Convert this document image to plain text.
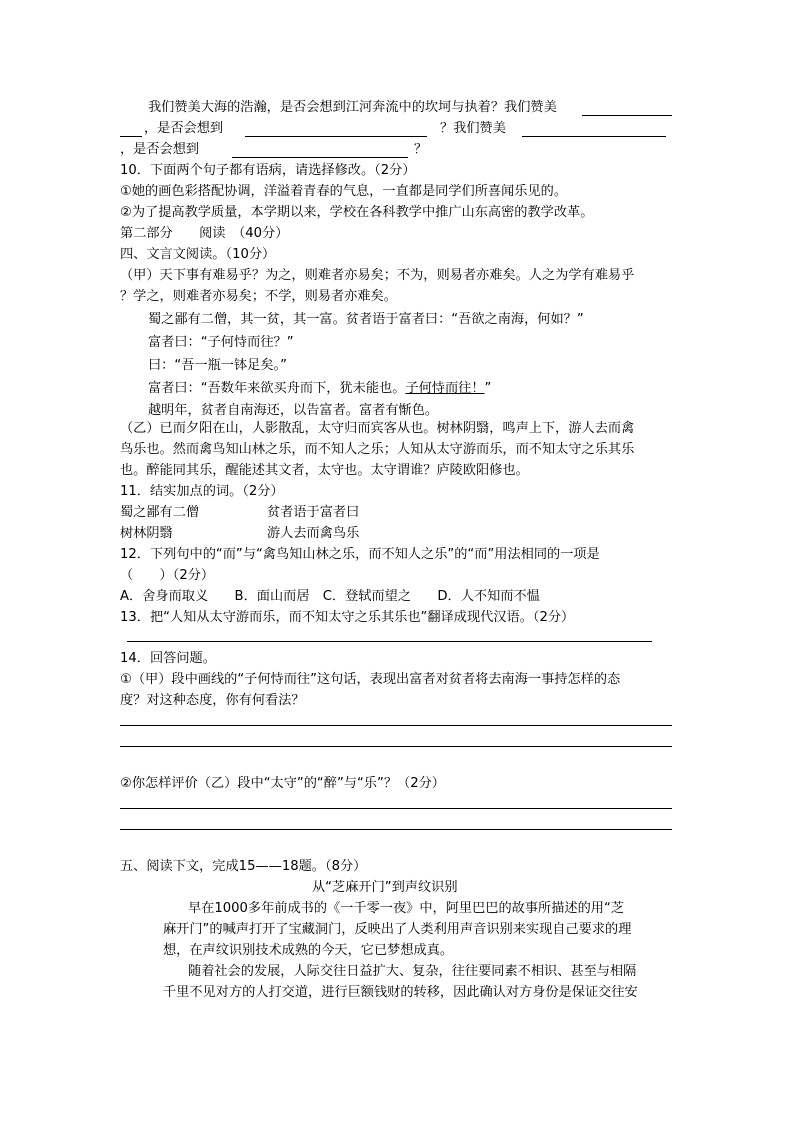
我们赞美大海的浩瀚，是否会想到江河奔流中的坎坷与执着？我们赞美
，是否会想到	？我们赞美
，是否会想到	？
10．下面两个句子都有语病，请选择修改。（2分）
①她的画色彩搭配协调，洋溢着青春的气息，一直都是同学们所喜闻乐见的。
②为了提高教学质量，本学期以来，学校在各科教学中推广山东高密的教学改革。
第二部分　　阅读　（40分）
四、文言文阅读。（10分）
（甲）天下事有难易乎？为之，则难者亦易矣；不为，则易者亦难矣。人之为学有难易乎
？学之，则难者亦易矣；不学，则易者亦难矣。
蜀之鄙有二僧，其一贫，其一富。贫者语于富者曰：“吾欲之南海，何如？”
富者曰：“子何恃而往？”
曰：“吾一瓶一钵足矣。”
富者曰：“吾数年来欲买舟而下，犹未能也。子何恃而往！”
越明年，贫者自南海还，以告富者。富者有惭色。
（乙）已而夕阳在山，人影散乱，太守归而宾客从也。树林阴翳，鸣声上下，游人去而禽
鸟乐也。然而禽鸟知山林之乐，而不知人之乐；人知从太守游而乐，而不知太守之乐其乐
也。醉能同其乐，醒能述其文者，太守也。太守谓谁？庐陵欧阳修也。
11．结实加点的词。（2分）
蜀之鄙有二僧	贫者语于富者曰
树林阴翳	游人去而禽鸟乐
12．下列句中的“而”与“禽鸟知山林之乐，而不知人之乐”的“而”用法相同的一项是
（　　）（2分）
A．舍身而取义　　B．面山而居　C．登轼而望之　　D．人不知而不愠
13．把“人知从太守游而乐，而不知太守之乐其乐也”翻译成现代汉语。（2分）
14．回答问题。
①（甲）段中画线的“子何恃而往”这句话，表现出富者对贫者将去南海一事持怎样的态
度？对这种态度，你有何看法？
②你怎样评价（乙）段中“太守”的“醉”与“乐”？（2分）
五、阅读下文，完成15——18题。（8分）
从“芝麻开门”到声纹识别
早在1000多年前成书的《一千零一夜》中，阿里巴巴的故事所描述的用“芝
麻开门”的喊声打开了宝藏洞门，反映出了人类利用声音识别来实现自己要求的理
想，在声纹识别技术成熟的今天，它已梦想成真。
随着社会的发展，人际交往日益扩大、复杂，往往要同素不相识、甚至与相隔
千里不见对方的人打交道，进行巨额钱财的转移，因此确认对方身份是保证交往安
